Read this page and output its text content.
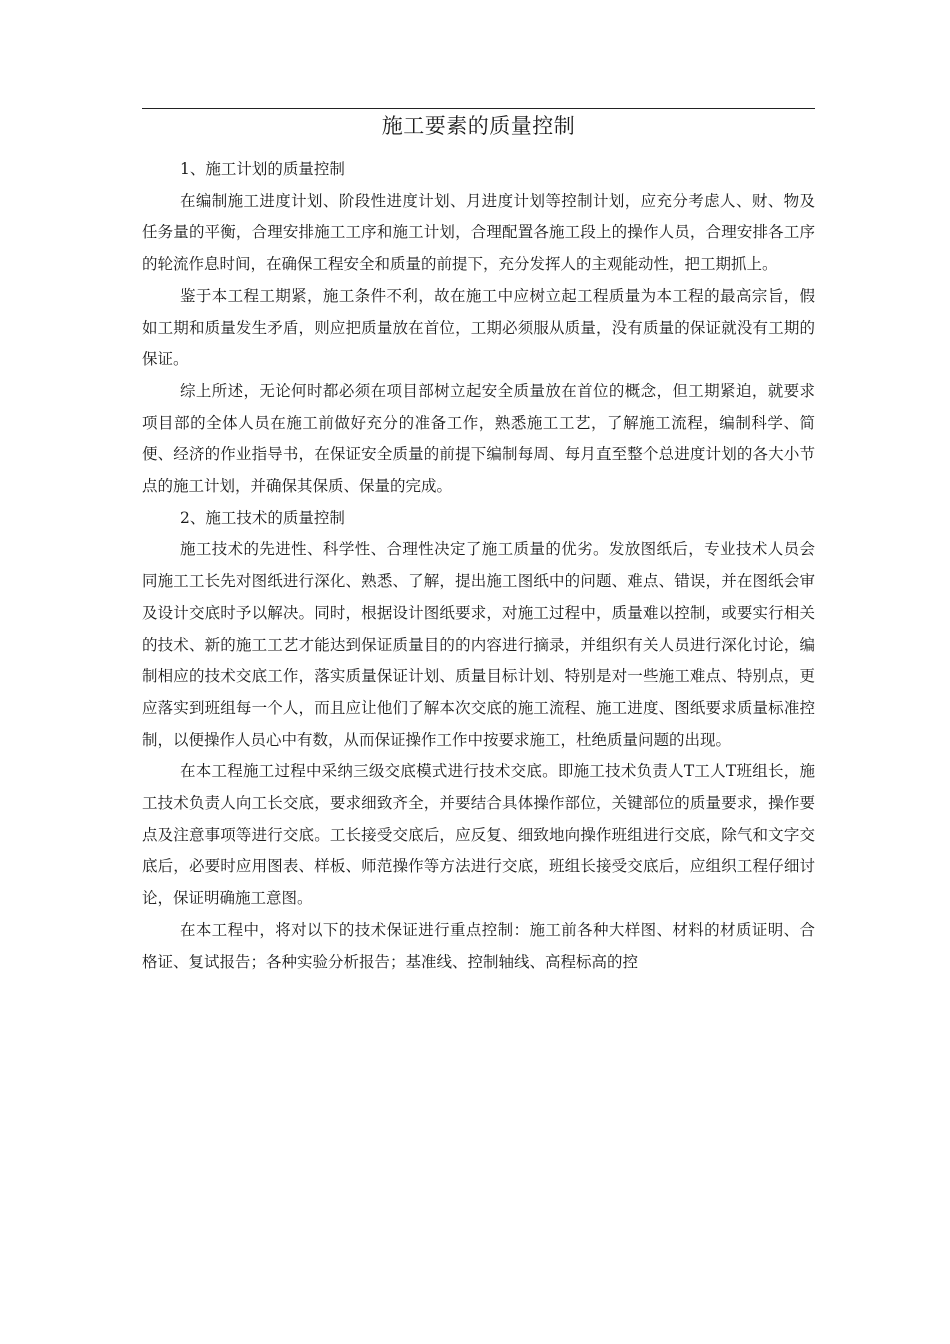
施工要素的质量控制

1、施工计划的质量控制

在编制施工进度计划、阶段性进度计划、月进度计划等控制计划，应充分考虑人、财、物及任务量的平衡，合理安排施工工序和施工计划，合理配置各施工段上的操作人员，合理安排各工序的轮流作息时间，在确保工程安全和质量的前提下，充分发挥人的主观能动性，把工期抓上。

鉴于本工程工期紧，施工条件不利，故在施工中应树立起工程质量为本工程的最高宗旨，假如工期和质量发生矛盾，则应把质量放在首位，工期必须服从质量，没有质量的保证就没有工期的保证。

综上所述，无论何时都必须在项目部树立起安全质量放在首位的概念，但工期紧迫，就要求项目部的全体人员在施工前做好充分的准备工作，熟悉施工工艺，了解施工流程，编制科学、简便、经济的作业指导书，在保证安全质量的前提下编制每周、每月直至整个总进度计划的各大小节点的施工计划，并确保其保质、保量的完成。

2、施工技术的质量控制

施工技术的先进性、科学性、合理性决定了施工质量的优劣。发放图纸后，专业技术人员会同施工工长先对图纸进行深化、熟悉、了解，提出施工图纸中的问题、难点、错误，并在图纸会审及设计交底时予以解决。同时，根据设计图纸要求，对施工过程中，质量难以控制，或要实行相关的技术、新的施工工艺才能达到保证质量目的的内容进行摘录，并组织有关人员进行深化讨论，编制相应的技术交底工作，落实质量保证计划、质量目标计划、特别是对一些施工难点、特别点，更应落实到班组每一个人，而且应让他们了解本次交底的施工流程、施工进度、图纸要求质量标准控制，以便操作人员心中有数，从而保证操作工作中按要求施工，杜绝质量问题的出现。

在本工程施工过程中采纳三级交底模式进行技术交底。即施工技术负责人T工人T班组长，施工技术负责人向工长交底，要求细致齐全，并要结合具体操作部位，关键部位的质量要求，操作要点及注意事项等进行交底。工长接受交底后，应反复、细致地向操作班组进行交底，除气和文字交底后，必要时应用图表、样板、师范操作等方法进行交底，班组长接受交底后，应组织工程仔细讨论，保证明确施工意图。

在本工程中，将对以下的技术保证进行重点控制：施工前各种大样图、材料的材质证明、合格证、复试报告；各种实验分析报告；基准线、控制轴线、高程标高的控
